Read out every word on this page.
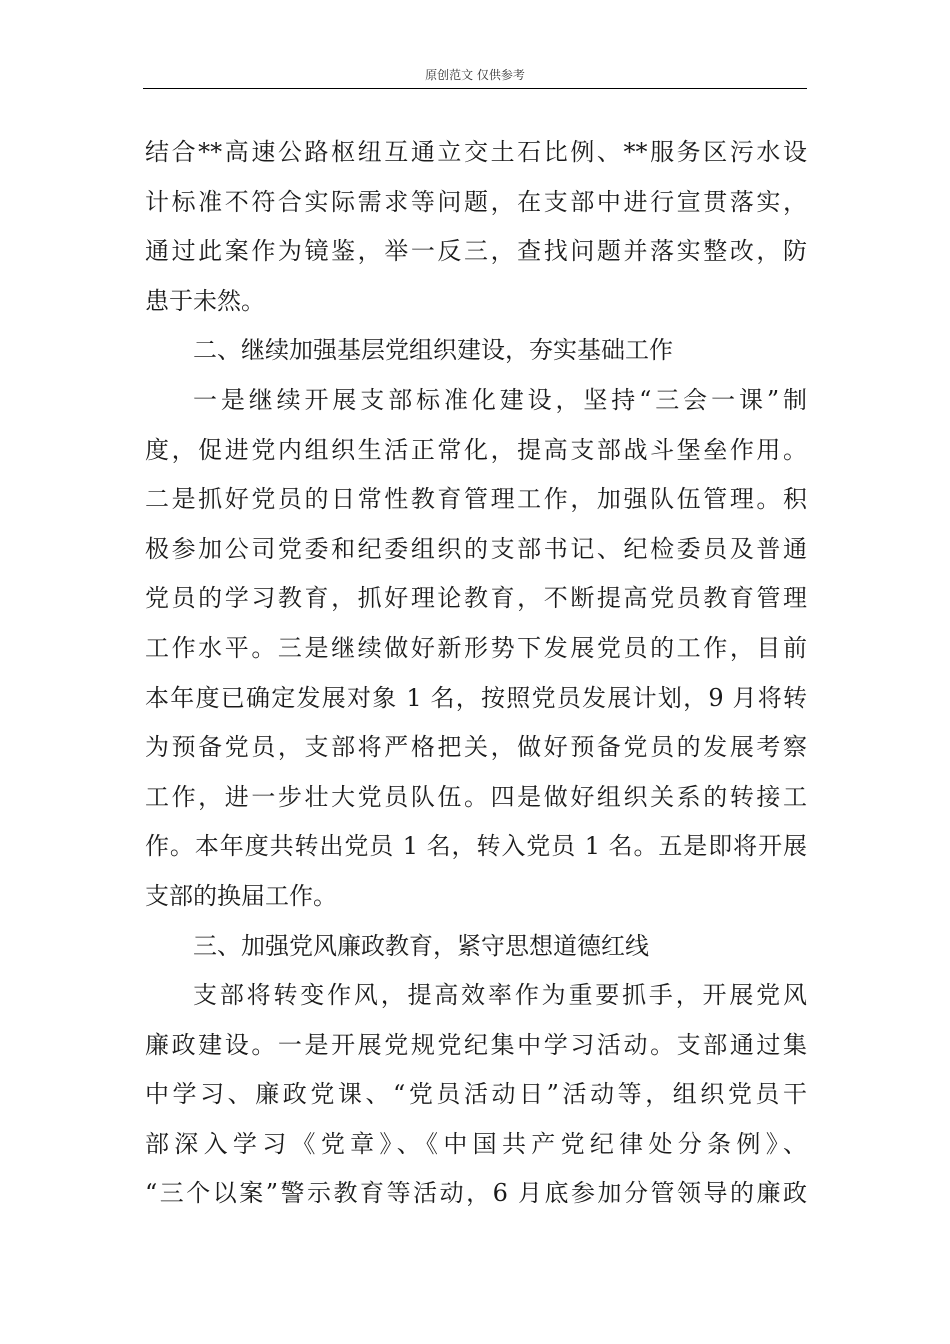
原创范文 仅供参考
结合**高速公路枢纽互通立交土石比例、**服务区污水设
计标准不符合实际需求等问题，在支部中进行宣贯落实，
通过此案作为镜鉴，举一反三，查找问题并落实整改，防
患于未然。
二、继续加强基层党组织建设，夯实基础工作
一是继续开展支部标准化建设，坚持“三会一课”制
度，促进党内组织生活正常化，提高支部战斗堡垒作用。
二是抓好党员的日常性教育管理工作，加强队伍管理。积
极参加公司党委和纪委组织的支部书记、纪检委员及普通
党员的学习教育，抓好理论教育，不断提高党员教育管理
工作水平。三是继续做好新形势下发展党员的工作，目前
本年度已确定发展对象 1 名，按照党员发展计划，9 月将转
为预备党员，支部将严格把关，做好预备党员的发展考察
工作，进一步壮大党员队伍。四是做好组织关系的转接工
作。本年度共转出党员 1 名，转入党员 1 名。五是即将开展
支部的换届工作。
三、加强党风廉政教育，紧守思想道德红线
支部将转变作风，提高效率作为重要抓手，开展党风
廉政建设。一是开展党规党纪集中学习活动。支部通过集
中学习、廉政党课、“党员活动日”活动等，组织党员干
部深入学习《党章》、《中国共产党纪律处分条例》、
“三个以案”警示教育等活动，6 月底参加分管领导的廉政
